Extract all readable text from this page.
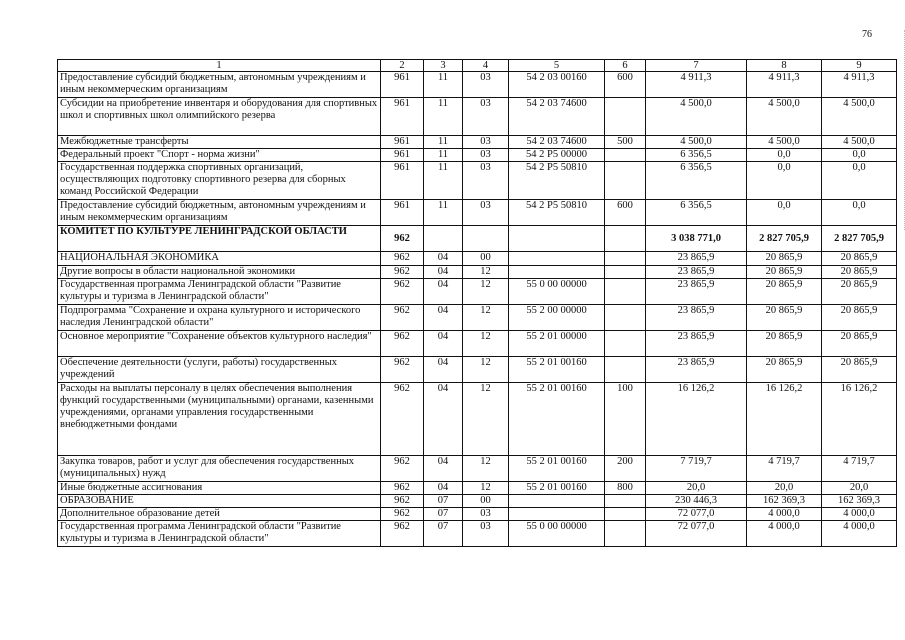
76
1	2	3	4	5	6	7	8	9
Предоставление субсидий бюджетным, автономным учреждениям и иным некоммерческим организациям	961	11	03	54 2 03 00160	600	4 911,3	4 911,3	4 911,3
Субсидии на приобретение инвентаря и оборудования для спортивных школ и спортивных школ олимпийского резерва	961	11	03	54 2 03 74600		4 500,0	4 500,0	4 500,0
Межбюджетные трансферты	961	11	03	54 2 03 74600	500	4 500,0	4 500,0	4 500,0
Федеральный проект "Спорт - норма жизни"	961	11	03	54 2 P5 00000		6 356,5	0,0	0,0
Государственная поддержка спортивных организаций, осуществляющих подготовку спортивного резерва для сборных команд Российской Федерации	961	11	03	54 2 P5 50810		6 356,5	0,0	0,0
Предоставление субсидий бюджетным, автономным учреждениям и иным некоммерческим организациям	961	11	03	54 2 P5 50810	600	6 356,5	0,0	0,0
КОМИТЕТ ПО КУЛЬТУРЕ ЛЕНИНГРАДСКОЙ ОБЛАСТИ	962					3 038 771,0	2 827 705,9	2 827 705,9
НАЦИОНАЛЬНАЯ ЭКОНОМИКА	962	04	00			23 865,9	20 865,9	20 865,9
Другие вопросы в области национальной экономики	962	04	12			23 865,9	20 865,9	20 865,9
Государственная программа Ленинградской области "Развитие культуры и туризма в Ленинградской области"	962	04	12	55 0 00 00000		23 865,9	20 865,9	20 865,9
Подпрограмма "Сохранение и охрана культурного и исторического наследия Ленинградской области"	962	04	12	55 2 00 00000		23 865,9	20 865,9	20 865,9
Основное мероприятие "Сохранение объектов культурного наследия"	962	04	12	55 2 01 00000		23 865,9	20 865,9	20 865,9
Обеспечение деятельности (услуги, работы) государственных учреждений	962	04	12	55 2 01 00160		23 865,9	20 865,9	20 865,9
Расходы на выплаты персоналу в целях обеспечения выполнения функций государственными (муниципальными) органами, казенными учреждениями, органами управления государственными внебюджетными фондами	962	04	12	55 2 01 00160	100	16 126,2	16 126,2	16 126,2
Закупка товаров, работ и услуг для обеспечения государственных (муниципальных) нужд	962	04	12	55 2 01 00160	200	7 719,7	4 719,7	4 719,7
Иные бюджетные ассигнования	962	04	12	55 2 01 00160	800	20,0	20,0	20,0
ОБРАЗОВАНИЕ	962	07	00			230 446,3	162 369,3	162 369,3
Дополнительное образование детей	962	07	03			72 077,0	4 000,0	4 000,0
Государственная программа Ленинградской области "Развитие культуры и туризма в Ленинградской области"	962	07	03	55 0 00 00000		72 077,0	4 000,0	4 000,0
